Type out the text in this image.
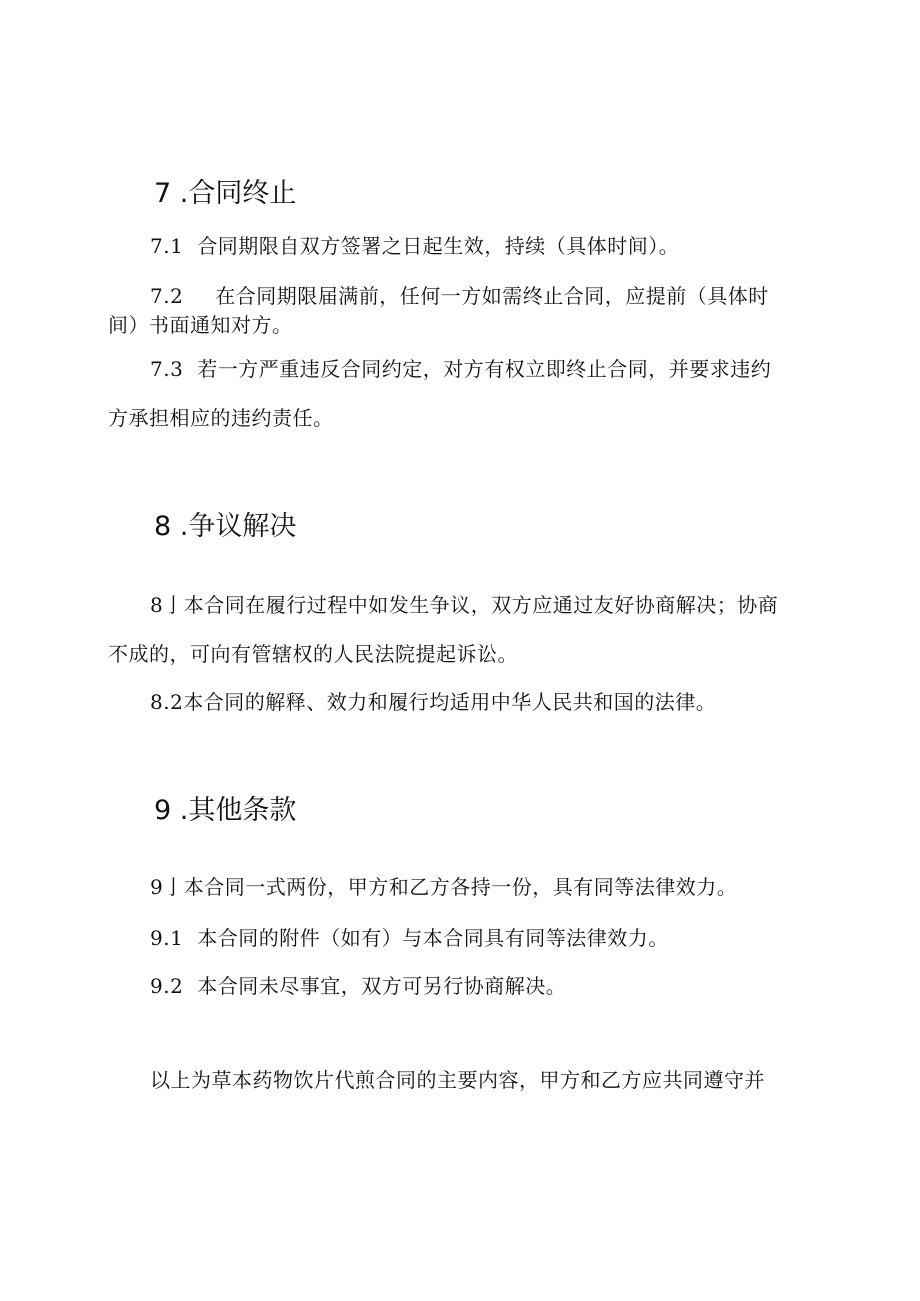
7 .合同终止

7.1 合同期限自双方签署之日起生效，持续（具体时间）。

7.2 在合同期限届满前，任何一方如需终止合同，应提前（具体时

间）书面通知对方。

7.3 若一方严重违反合同约定，对方有权立即终止合同，并要求违约

方承担相应的违约责任。

8 .争议解决

8亅本合同在履行过程中如发生争议，双方应通过友好协商解决；协商

不成的，可向有管辖权的人民法院提起诉讼。

8.2本合同的解释、效力和履行均适用中华人民共和国的法律。

9 .其他条款

9亅本合同一式两份，甲方和乙方各持一份，具有同等法律效力。

9.1 本合同的附件（如有）与本合同具有同等法律效力。

9.2 本合同未尽事宜，双方可另行协商解决。

以上为草本药物饮片代煎合同的主要内容，甲方和乙方应共同遵守并
